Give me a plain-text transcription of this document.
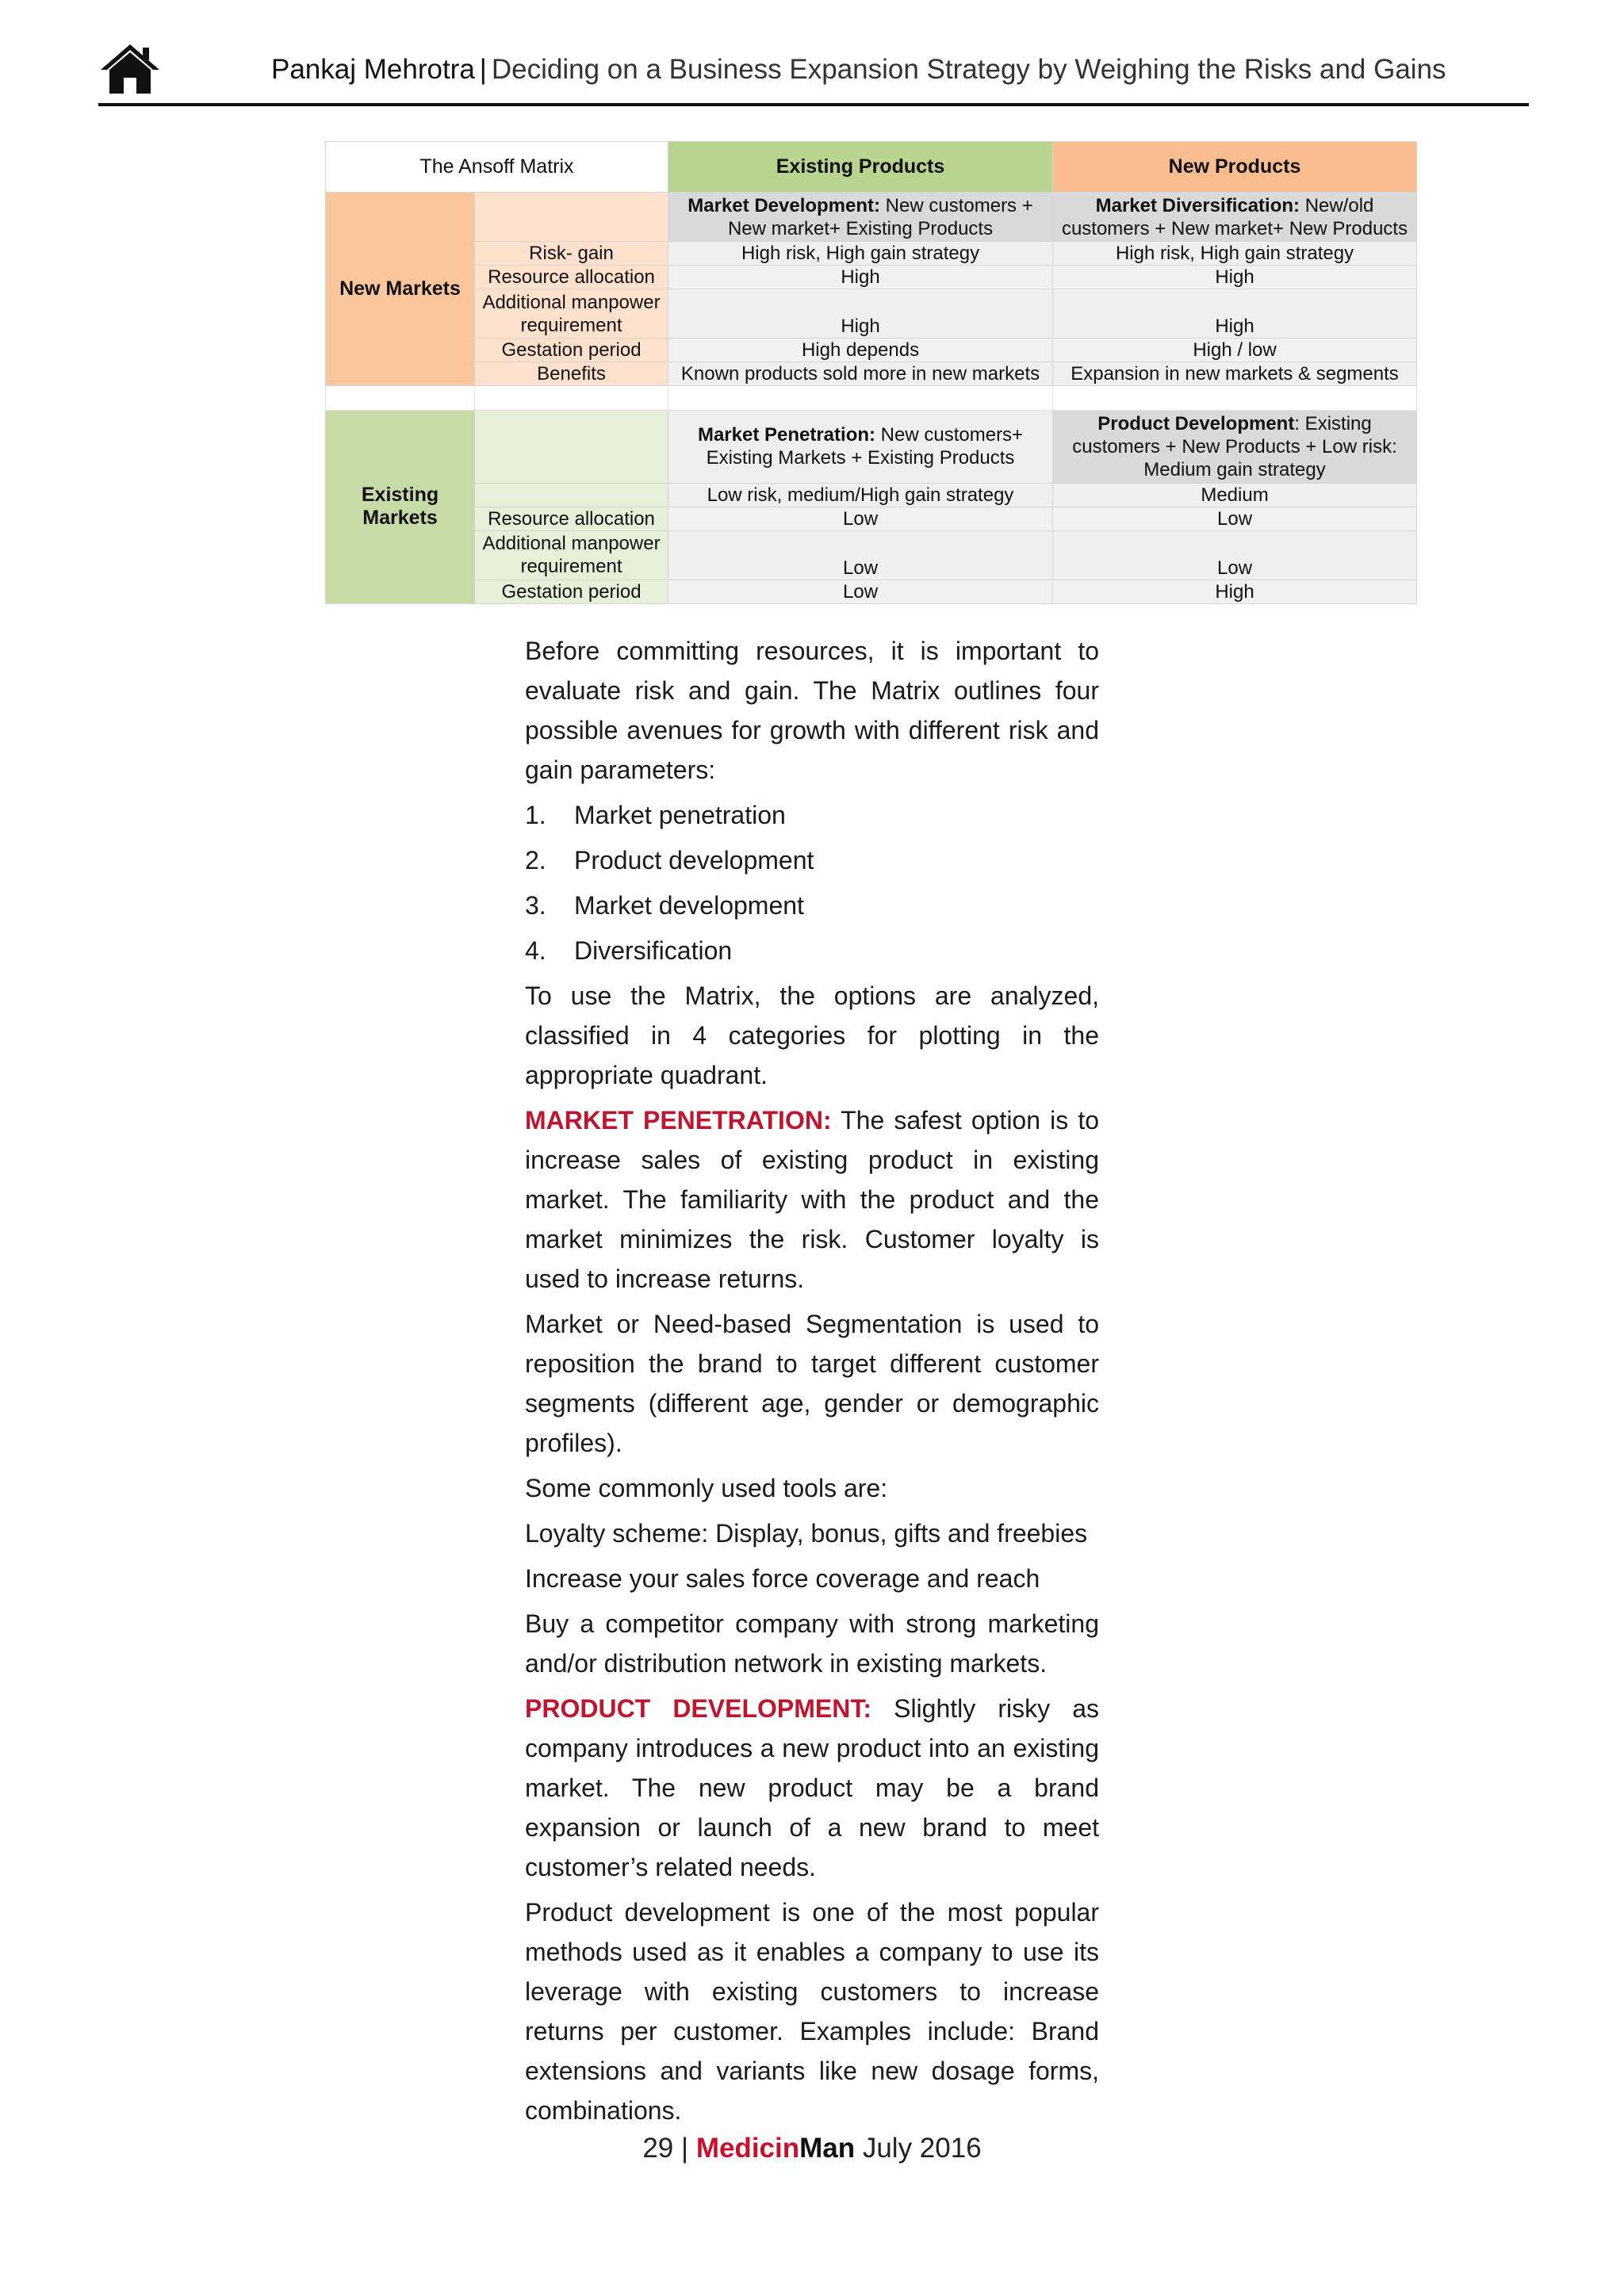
Pankaj Mehrotra | Deciding on a Business Expansion Strategy by Weighing the Risks and Gains
The Ansoff Matrix		Existing Products	New Products
New Markets		Market Development: New customers + New market+ Existing Products	Market Diversification: New/old customers + New market+ New Products
	Risk- gain	High risk, High gain strategy	High risk, High gain strategy
	Resource allocation	High	High
	Additional manpower requirement	High	High
	Gestation period	High depends	High / low
	Benefits	Known products sold more in new markets	Expansion in new markets & segments

Existing Markets		Market Penetration: New customers+ Existing Markets + Existing Products	Product Development: Existing customers + New Products + Low risk: Medium gain strategy
		Low risk, medium/High gain strategy	Medium
	Resource allocation	Low	Low
	Additional manpower requirement	Low	Low
	Gestation period	Low	High

Before committing resources, it is important to evaluate risk and gain. The Matrix outlines four possible avenues for growth with different risk and gain parameters:

1.	Market penetration
2.	Product development
3.	Market development
4.	Diversification

To use the Matrix, the options are analyzed, classified in 4 categories for plotting in the appropriate quadrant.

MARKET PENETRATION: The safest option is to increase sales of existing product in existing market. The familiarity with the product and the market minimizes the risk. Customer loyalty is used to increase returns.

Market or Need-based Segmentation is used to reposition the brand to target different customer segments (different age, gender or demographic profiles).

Some commonly used tools are:

Loyalty scheme: Display, bonus, gifts and freebies

Increase your sales force coverage and reach

Buy a competitor company with strong marketing and/or distribution network in existing markets.

PRODUCT DEVELOPMENT: Slightly risky as company introduces a new product into an existing market. The new product may be a brand expansion or launch of a new brand to meet customer’s related needs.

Product development is one of the most popular methods used as it enables a company to use its leverage with existing customers to increase returns per customer. Examples include: Brand extensions and variants like new dosage forms, combinations.

29 | MedicinMan July 2016
